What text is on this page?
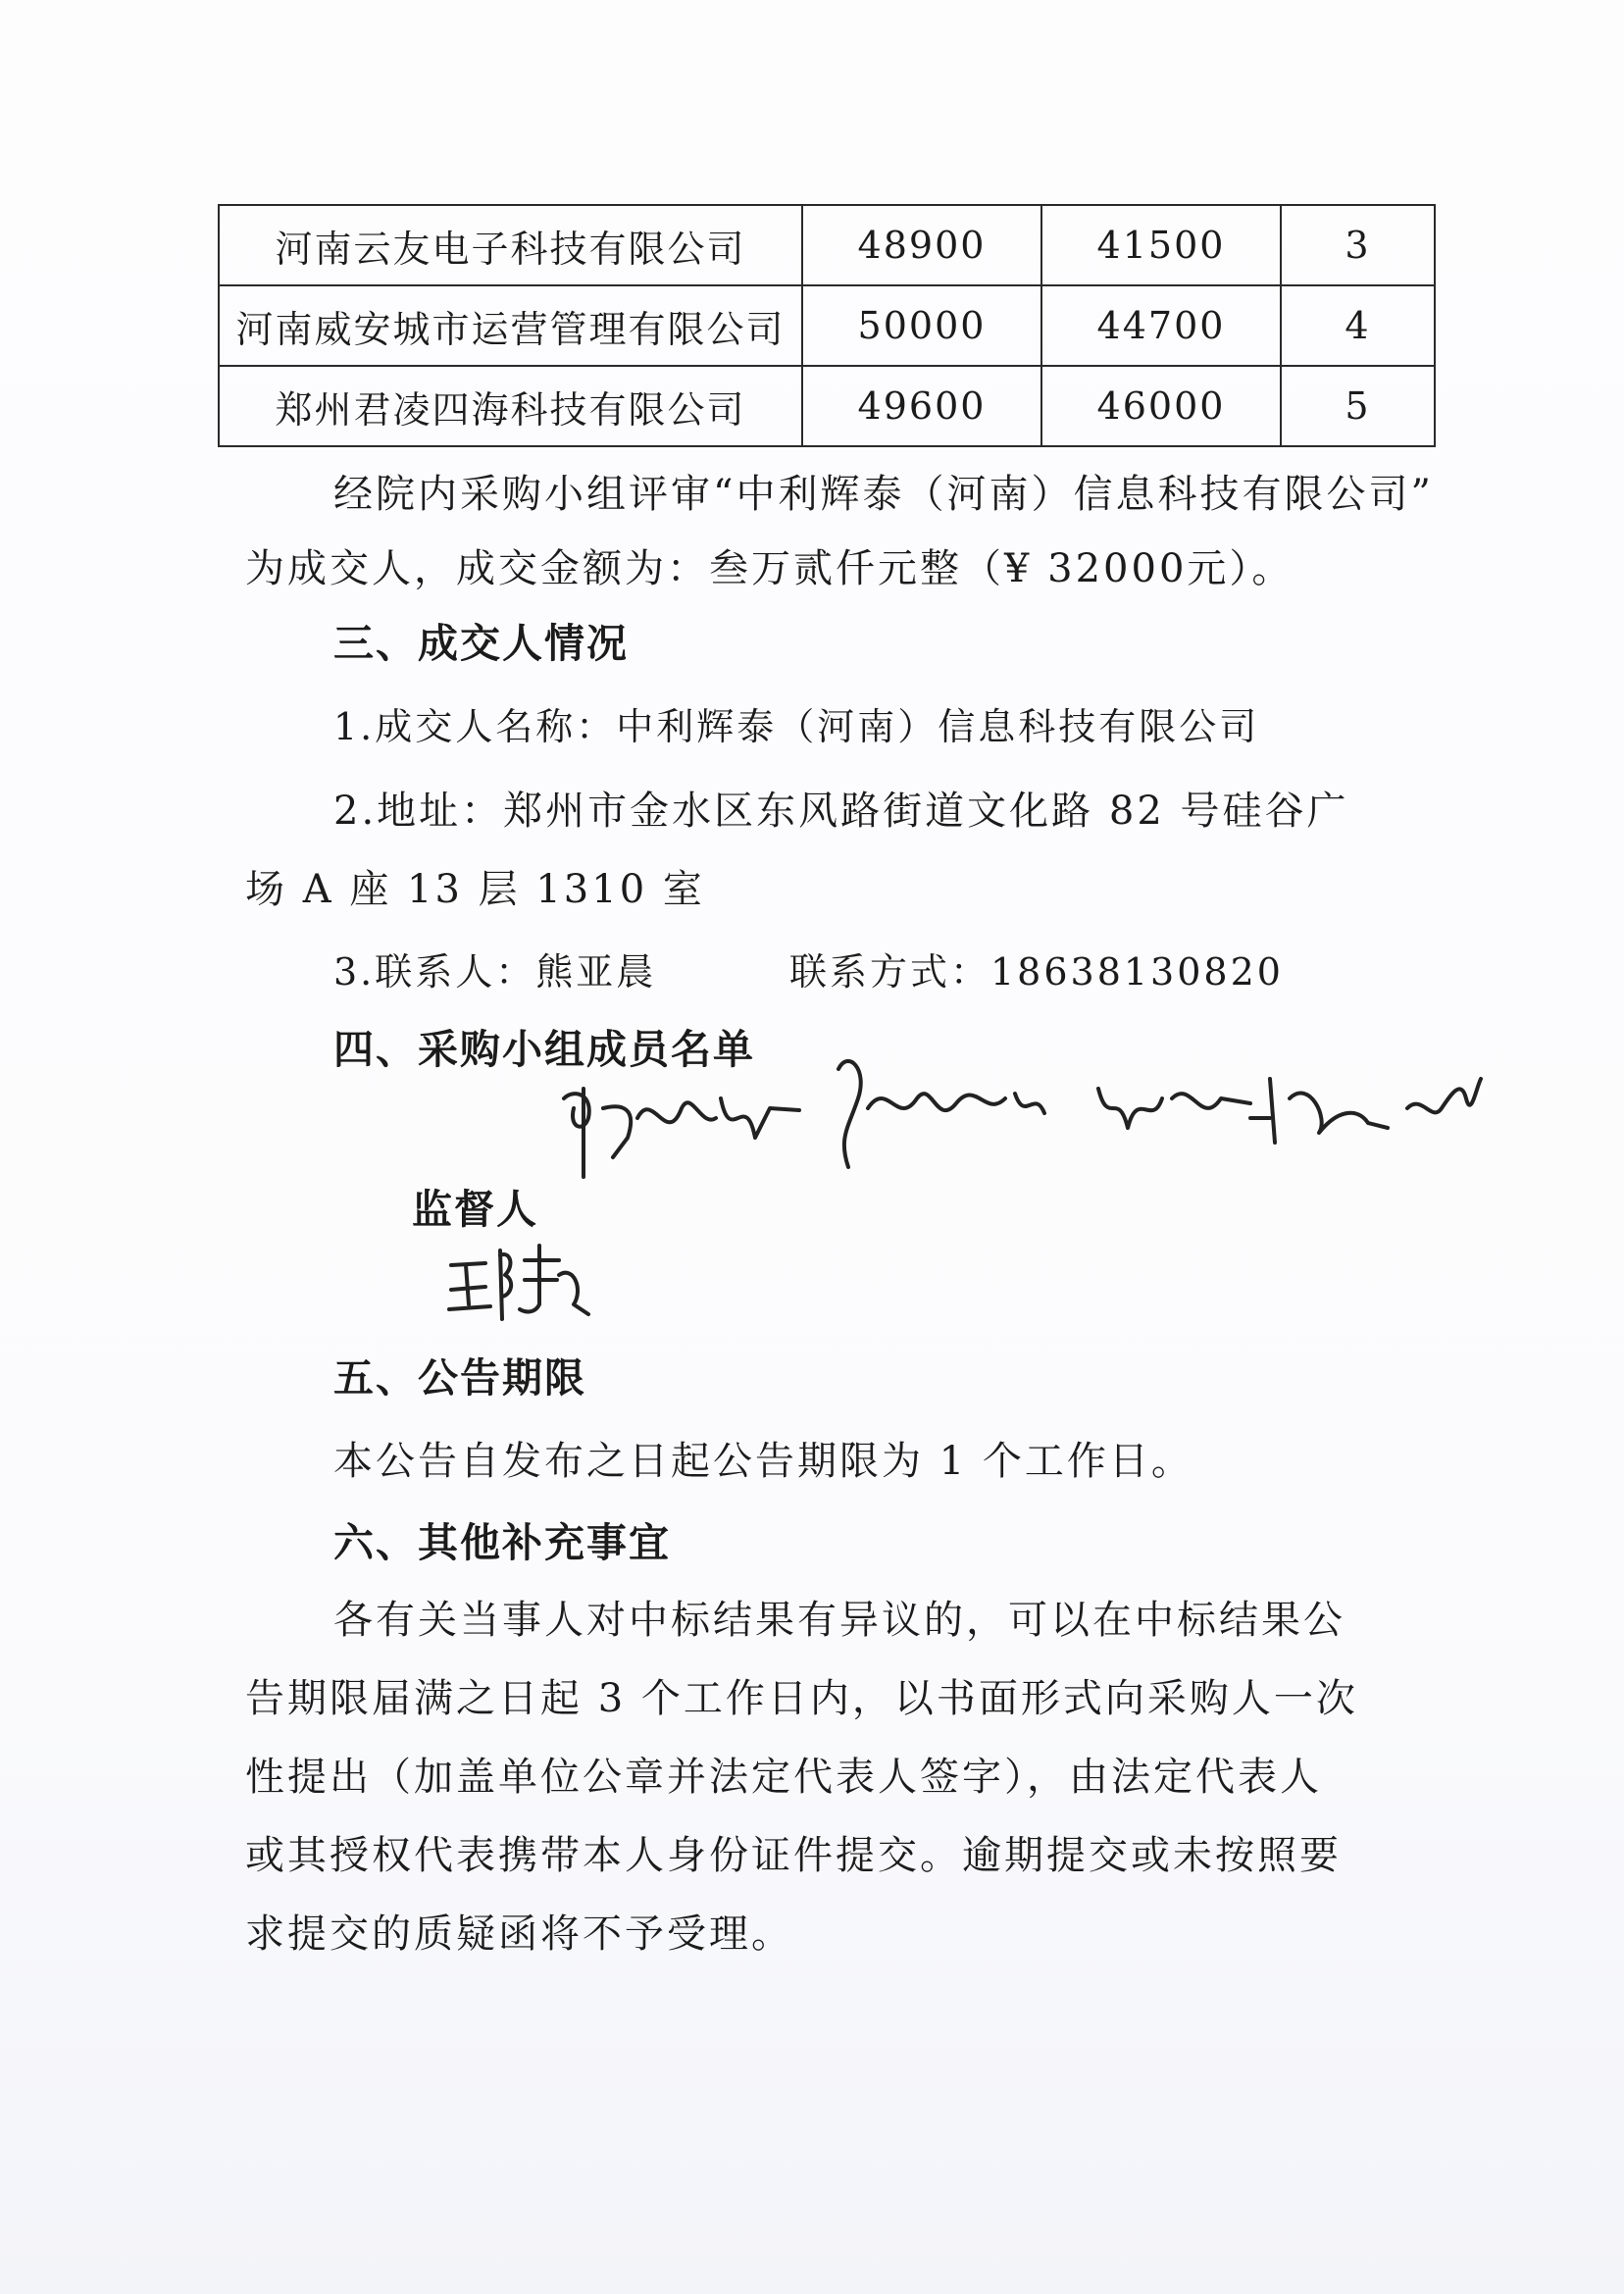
河南云友电子科技有限公司	48900	41500	3
河南威安城市运营管理有限公司	50000	44700	4
郑州君凌四海科技有限公司	49600	46000	5
经院内采购小组评审“中利辉泰（河南）信息科技有限公司”
为成交人，成交金额为：叁万贰仟元整（¥ 32000元）。
三、成交人情况
1.成交人名称：中利辉泰（河南）信息科技有限公司
2.地址：郑州市金水区东风路街道文化路 82 号硅谷广
场 A 座 13 层 1310 室
3.联系人：熊亚晨	联系方式：18638130820
四、采购小组成员名单
监督人
五、公告期限
本公告自发布之日起公告期限为 1 个工作日。
六、其他补充事宜
各有关当事人对中标结果有异议的，可以在中标结果公
告期限届满之日起 3 个工作日内，以书面形式向采购人一次
性提出（加盖单位公章并法定代表人签字），由法定代表人
或其授权代表携带本人身份证件提交。逾期提交或未按照要
求提交的质疑函将不予受理。
